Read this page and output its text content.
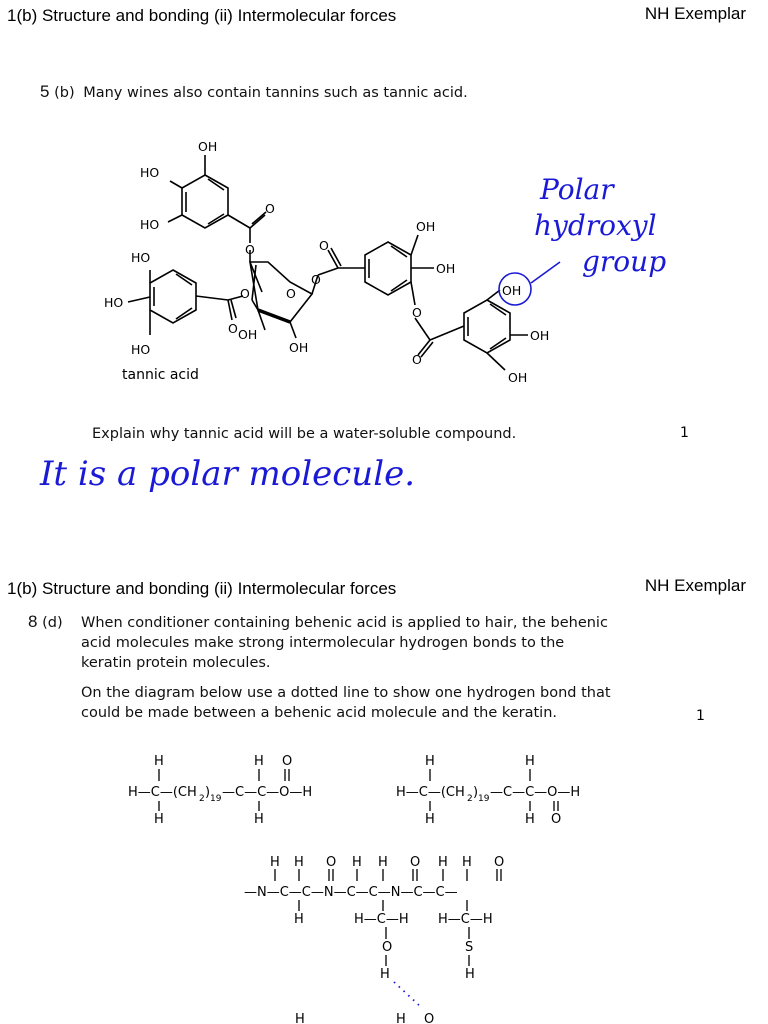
1(b) Structure and bonding (ii) Intermolecular forces	NH Exemplar
5 (b) Many wines also contain tannins such as tannic acid.
OH
HO
HO
O
O
HO
HO
HO
O
O
O
OH
OH
O
O
OH
OH
O
O
OH
OH
OH
tannic acid
Polar
hydroxyl
group
Explain why tannic acid will be a water-soluble compound.	1
It is a polar molecule.
1(b) Structure and bonding (ii) Intermolecular forces	NH Exemplar
8 (d) When conditioner containing behenic acid is applied to hair, the behenic
acid molecules make strong intermolecular hydrogen bonds to the
keratin protein molecules.
On the diagram below use a dotted line to show one hydrogen bond that
could be made between a behenic acid molecule and the keratin.	1
H	H O
H—C—(CH 2 ) 19 —C—C—O—H
H	H
H	H
H—C—(CH 2 ) 19 —C—C—O—H
H	H O
H H O H H O H H O
—N—C—C—N—C—C—N—C—C—
H	H—C—H H—C—H
O	S
H	H
H	H O
